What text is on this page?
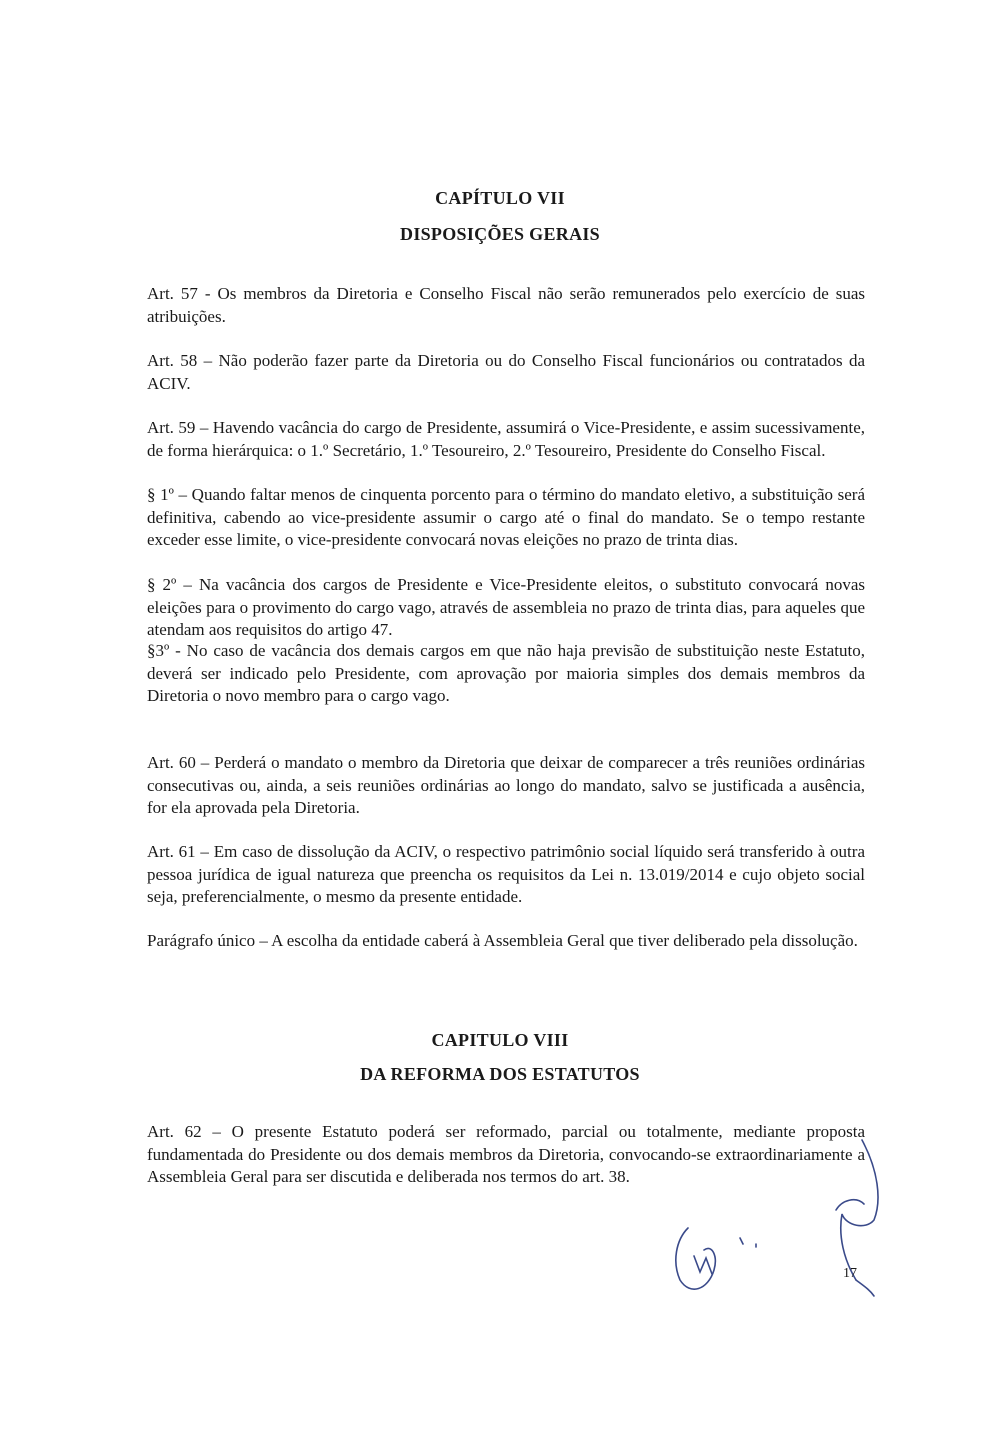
CAPÍTULO VII
DISPOSIÇÕES GERAIS

Art. 57 - Os membros da Diretoria e Conselho Fiscal não serão remunerados pelo exercício de suas atribuições.

Art. 58 – Não poderão fazer parte da Diretoria ou do Conselho Fiscal funcionários ou contratados da ACIV.

Art. 59 – Havendo vacância do cargo de Presidente, assumirá o Vice-Presidente, e assim sucessivamente, de forma hierárquica: o 1.º Secretário, 1.º Tesoureiro, 2.º Tesoureiro, Presidente do Conselho Fiscal.

§ 1º – Quando faltar menos de cinquenta porcento para o término do mandato eletivo, a substituição será definitiva, cabendo ao vice-presidente assumir o cargo até o final do mandato. Se o tempo restante exceder esse limite, o vice-presidente convocará novas eleições no prazo de trinta dias.

§ 2º – Na vacância dos cargos de Presidente e Vice-Presidente eleitos, o substituto convocará novas eleições para o provimento do cargo vago, através de assembleia no prazo de trinta dias, para aqueles que atendam aos requisitos do artigo 47.

§3º - No caso de vacância dos demais cargos em que não haja previsão de substituição neste Estatuto, deverá ser indicado pelo Presidente, com aprovação por maioria simples dos demais membros da Diretoria o novo membro para o cargo vago.

Art. 60 – Perderá o mandato o membro da Diretoria que deixar de comparecer a três reuniões ordinárias consecutivas ou, ainda, a seis reuniões ordinárias ao longo do mandato, salvo se justificada a ausência, for ela aprovada pela Diretoria.

Art. 61 – Em caso de dissolução da ACIV, o respectivo patrimônio social líquido será transferido à outra pessoa jurídica de igual natureza que preencha os requisitos da Lei n. 13.019/2014 e cujo objeto social seja, preferencialmente, o mesmo da presente entidade.

Parágrafo único – A escolha da entidade caberá à Assembleia Geral que tiver deliberado pela dissolução.

CAPITULO VIII
DA REFORMA DOS ESTATUTOS

Art. 62 – O presente Estatuto poderá ser reformado, parcial ou totalmente, mediante proposta fundamentada do Presidente ou dos demais membros da Diretoria, convocando-se extraordinariamente a Assembleia Geral para ser discutida e deliberada nos termos do art. 38.

17
